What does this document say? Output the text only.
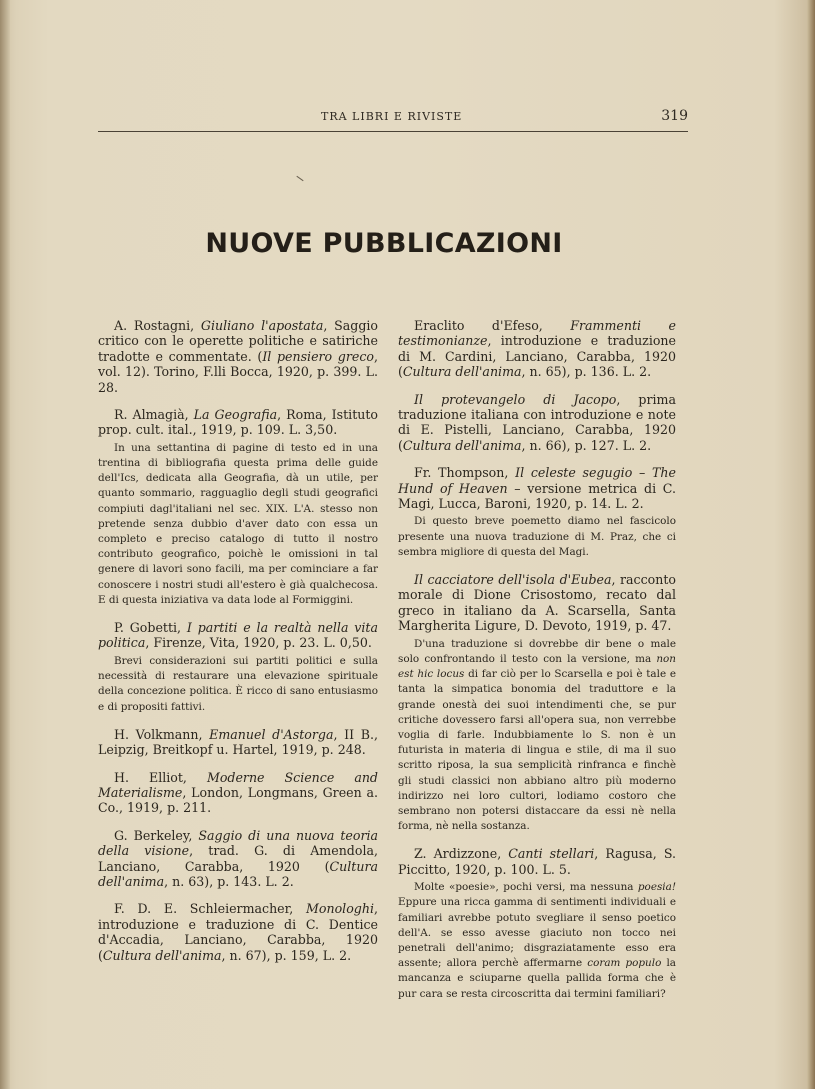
TRA LIBRI E RIVISTE	319
NUOVE PUBBLICAZIONI

A. Rostagni, Giuliano l'apostata, Saggio critico con le operette politiche e satiriche tradotte e commentate. (Il pensiero greco, vol. 12). Torino, F.lli Bocca, 1920, p. 399. L. 28.

R. Almagià, La Geografia, Roma, Istituto prop. cult. ital., 1919, p. 109. L. 3,50.

In una settantina di pagine di testo ed in una trentina di bibliografia questa prima delle guide dell'Ics, dedicata alla Geografia, dà un utile, per quanto sommario, ragguaglio degli studi geografici compiuti dagl'italiani nel sec. XIX. L'A. stesso non pretende senza dubbio d'aver dato con essa un completo e preciso catalogo di tutto il nostro contributo geografico, poichè le omissioni in tal genere di lavori sono facili, ma per cominciare a far conoscere i nostri studi all'estero è già qualchecosa. E di questa iniziativa va data lode al Formiggini.

P. Gobetti, I partiti e la realtà nella vita politica, Firenze, Vita, 1920, p. 23. L. 0,50.

Brevi considerazioni sui partiti politici e sulla necessità di restaurare una elevazione spirituale della concezione politica. È ricco di sano entusiasmo e di propositi fattivi.

H. Volkmann, Emanuel d'Astorga, II B., Leipzig, Breitkopf u. Hartel, 1919, p. 248.

H. Elliot, Moderne Science and Materialisme, London, Longmans, Green a. Co., 1919, p. 211.

G. Berkeley, Saggio di una nuova teoria della visione, trad. G. di Amendola, Lanciano, Carabba, 1920 (Cultura dell'anima, n. 63), p. 143. L. 2.

F. D. E. Schleiermacher, Monologhi, introduzione e traduzione di C. Dentice d'Accadia, Lanciano, Carabba, 1920 (Cultura dell'anima, n. 67), p. 159, L. 2.

Eraclito d'Efeso, Frammenti e testimonianze, introduzione e traduzione di M. Cardini, Lanciano, Carabba, 1920 (Cultura dell'anima, n. 65), p. 136. L. 2.

Il protevangelo di Jacopo, prima traduzione italiana con introduzione e note di E. Pistelli, Lanciano, Carabba, 1920 (Cultura dell'anima, n. 66), p. 127. L. 2.

Fr. Thompson, Il celeste segugio – The Hund of Heaven – versione metrica di C. Magi, Lucca, Baroni, 1920, p. 14. L. 2.

Di questo breve poemetto diamo nel fascicolo presente una nuova traduzione di M. Praz, che ci sembra migliore di questa del Magi.

Il cacciatore dell'isola d'Eubea, racconto morale di Dione Crisostomo, recato dal greco in italiano da A. Scarsella, Santa Margherita Ligure, D. Devoto, 1919, p. 47.

D'una traduzione si dovrebbe dir bene o male solo confrontando il testo con la versione, ma non est hic locus di far ciò per lo Scarsella e poi è tale e tanta la simpatica bonomia del traduttore e la grande onestà dei suoi intendimenti che, se pur critiche dovessero farsi all'opera sua, non verrebbe voglia di farle. Indubbiamente lo S. non è un futurista in materia di lingua e stile, di ma il suo scritto riposa, la sua semplicità rinfranca e finchè gli studi classici non abbiano altro più moderno indirizzo nei loro cultori, lodiamo costoro che sembrano non potersi distaccare da essi nè nella forma, nè nella sostanza.

Z. Ardizzone, Canti stellari, Ragusa, S. Piccitto, 1920, p. 100. L. 5.

Molte «poesie», pochi versi, ma nessuna poesia! Eppure una ricca gamma di sentimenti individuali e familiari avrebbe potuto svegliare il senso poetico dell'A. se esso avesse giaciuto non tocco nei penetrali dell'animo; disgraziatamente esso era assente; allora perchè affermarne coram populo la mancanza e sciuparne quella pallida forma che è pur cara se resta circoscritta dai termini familiari?
